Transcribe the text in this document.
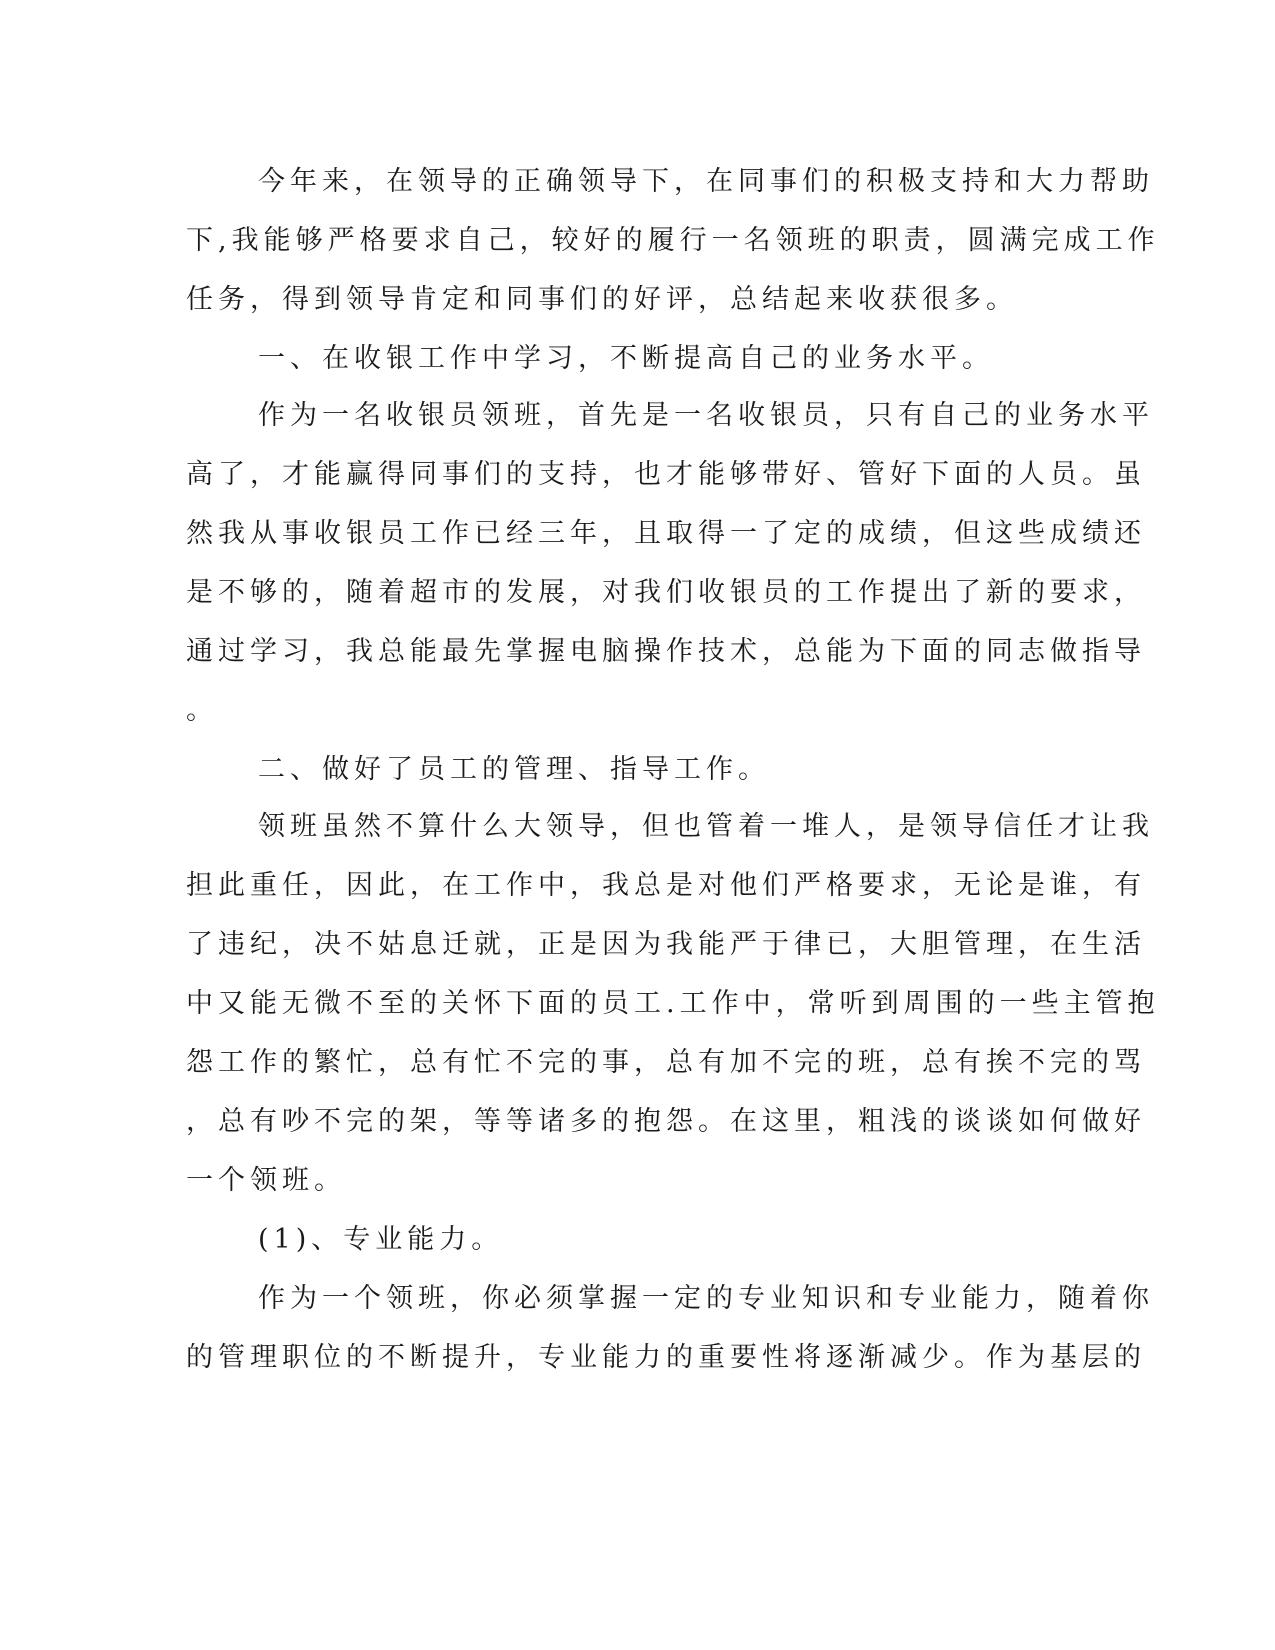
今年来，在领导的正确领导下，在同事们的积极支持和大力帮助

下,我能够严格要求自己，较好的履行一名领班的职责，圆满完成工作

任务，得到领导肯定和同事们的好评，总结起来收获很多。

一、在收银工作中学习，不断提高自己的业务水平。

作为一名收银员领班，首先是一名收银员，只有自己的业务水平

高了，才能赢得同事们的支持，也才能够带好、管好下面的人员。虽

然我从事收银员工作已经三年，且取得一了定的成绩，但这些成绩还

是不够的，随着超市的发展，对我们收银员的工作提出了新的要求，

通过学习，我总能最先掌握电脑操作技术，总能为下面的同志做指导

。

二、做好了员工的管理、指导工作。

领班虽然不算什么大领导，但也管着一堆人，是领导信任才让我

担此重任，因此，在工作中，我总是对他们严格要求，无论是谁，有

了违纪，决不姑息迁就，正是因为我能严于律已，大胆管理，在生活

中又能无微不至的关怀下面的员工.工作中，常听到周围的一些主管抱

怨工作的繁忙，总有忙不完的事，总有加不完的班，总有挨不完的骂

，总有吵不完的架，等等诸多的抱怨。在这里，粗浅的谈谈如何做好

一个领班。

(1)、专业能力。

作为一个领班，你必须掌握一定的专业知识和专业能力，随着你

的管理职位的不断提升，专业能力的重要性将逐渐减少。作为基层的
